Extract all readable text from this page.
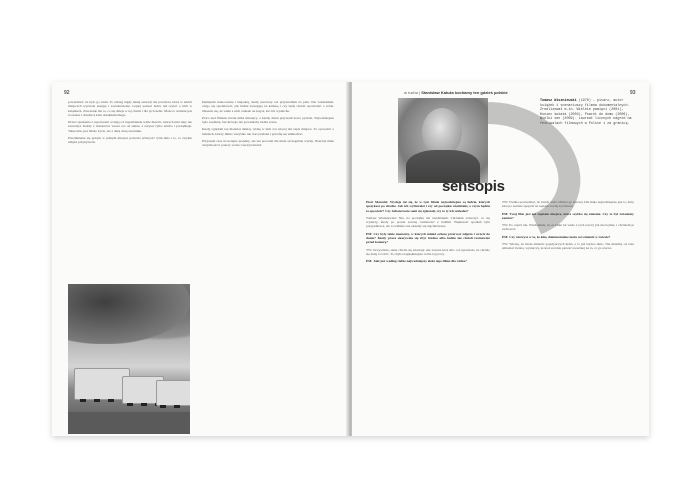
92

powiedzieć, że było go wiele. To zabieg nigdy takiej sensacji nie powtarza, która w takich miejscach wyzwala energię i zaciekawienie. Lepiej poznać ludzi, niż czytać o nich w książkach. Znaczenie ma to, co się dzieje w tej chwili i dla tych ludzi. Może to właśnie jest ta szansa i obietnica kina dokumentalnego.

Drzwi spotkania z reporterem ocalają od zapomnienia wiele historii, których nikt inny nie zauważył. Każdy z bohaterów wnosi coś od siebie, a reżyser tylko słucha i porządkuje. Takie kino jest blisko życia, ale z dużą dozą szacunku.

Przedłużanie się pobytu w jednym miejscu pozwala uchwycić rytm dnia i to, co zwykle umyka przybyszom.

Pamiętam zaskoczenie i niepokój, kiedy pierwszy raz przyszedłem na plan. Nie wiedziałem, czego się spodziewać, jak ludzie zareagują na kamerę i czy będą chcieli opowiadać o sobie. Okazało się, że wielu z nich czekało na kogoś, kto ich wysłucha.

Praca nad filmem trwała kilka miesięcy, a każdy dzień przynosił nowe pytania. Najważniejsze było zaufanie, bez którego nie powstałaby żadna scena.

Kiedy oglądam ten materiał dzisiaj, widzę w nim coś więcej niż zapis miejsca. To opowieść o ludziach, którzy mimo wszystko nie tracą nadziei i potrafią się uśmiechać.

Przyszedł czas na kolejne projekty, ale ten pozostał dla mnie szczególnie ważny. Nauczył mnie cierpliwości i pokory wobec rzeczywistości.

w ruchu | Stanisław Kałuża kochamy ten gdzieś polskie	93
sensopis
Tomasz Wiszniewski (1970) – pisarz, autor książek i scenariuszy filmów dokumentalnych. Zrealizował m.in. Wielkie pamięci (2001), Koniec świata (2004), Powrót do domu (2006), Wielki sen (2009). Laureat licznych nagród na festiwalach filmowych w Polsce i za granicą.

Piotr Marecki: Wydaje mi się, że w tym filmie najważniejsze są ludzie, których spotykasz po drodze. Jak ich wybierałeś i czy od początku wiedziałeś, o czym będzie ta opowieść? Czy bohaterowie sami się zgłaszali, czy to ty ich szukałeś?

Tomasz Wiszniewski: Nie, na początku nie wiedziałem. Chciałem zobaczyć, co się wydarzy, kiedy po prostu zacznę rozmawiać z ludźmi. Większość spotkań była przypadkowa, ale to właśnie one okazały się najciekawsze.

PM: Czy były takie momenty, w których miałeś ochotę przerwać zdjęcia i wrócić do domu? Kiedy praca okazywała się zbyt trudna albo ludzie nie chcieli rozmawiać przed kamerą?

TW: Oczywiście, takie chwile się zdarzały. Ale zawsze ktoś albo coś sprawiało, że chciało się dalej to robić. To chyba najpiękniejsza cecha tej pracy.

PM: Jaki jest według ciebie najważniejszy efekt tego filmu dla widza?

TW: Trudno powiedzieć, bo każdy widz odbiera go inaczej. Dla mnie najważniejsze jest to, żeby ktoś po seansie spojrzał na sąsiada trochę życzliwiej.

PM: Twój film jest też zapisem miejsca, które szybko się zmienia. Czy to był świadomy zamiar?

TW: Po części tak. Wiedziałem, że za kilka lat wiele z tych rzeczy już nie będzie, i chciałem je zachować.

PM: Czy wierzysz w to, że kino dokumentalne może coś zmienić w świecie?

TW: Wierzę, że może zmienić pojedynczych ludzi, a to już bardzo dużo. Nie musimy od razu zmieniać świata, wystarczy, że ktoś zacznie patrzeć uważniej na to, co go otacza.
